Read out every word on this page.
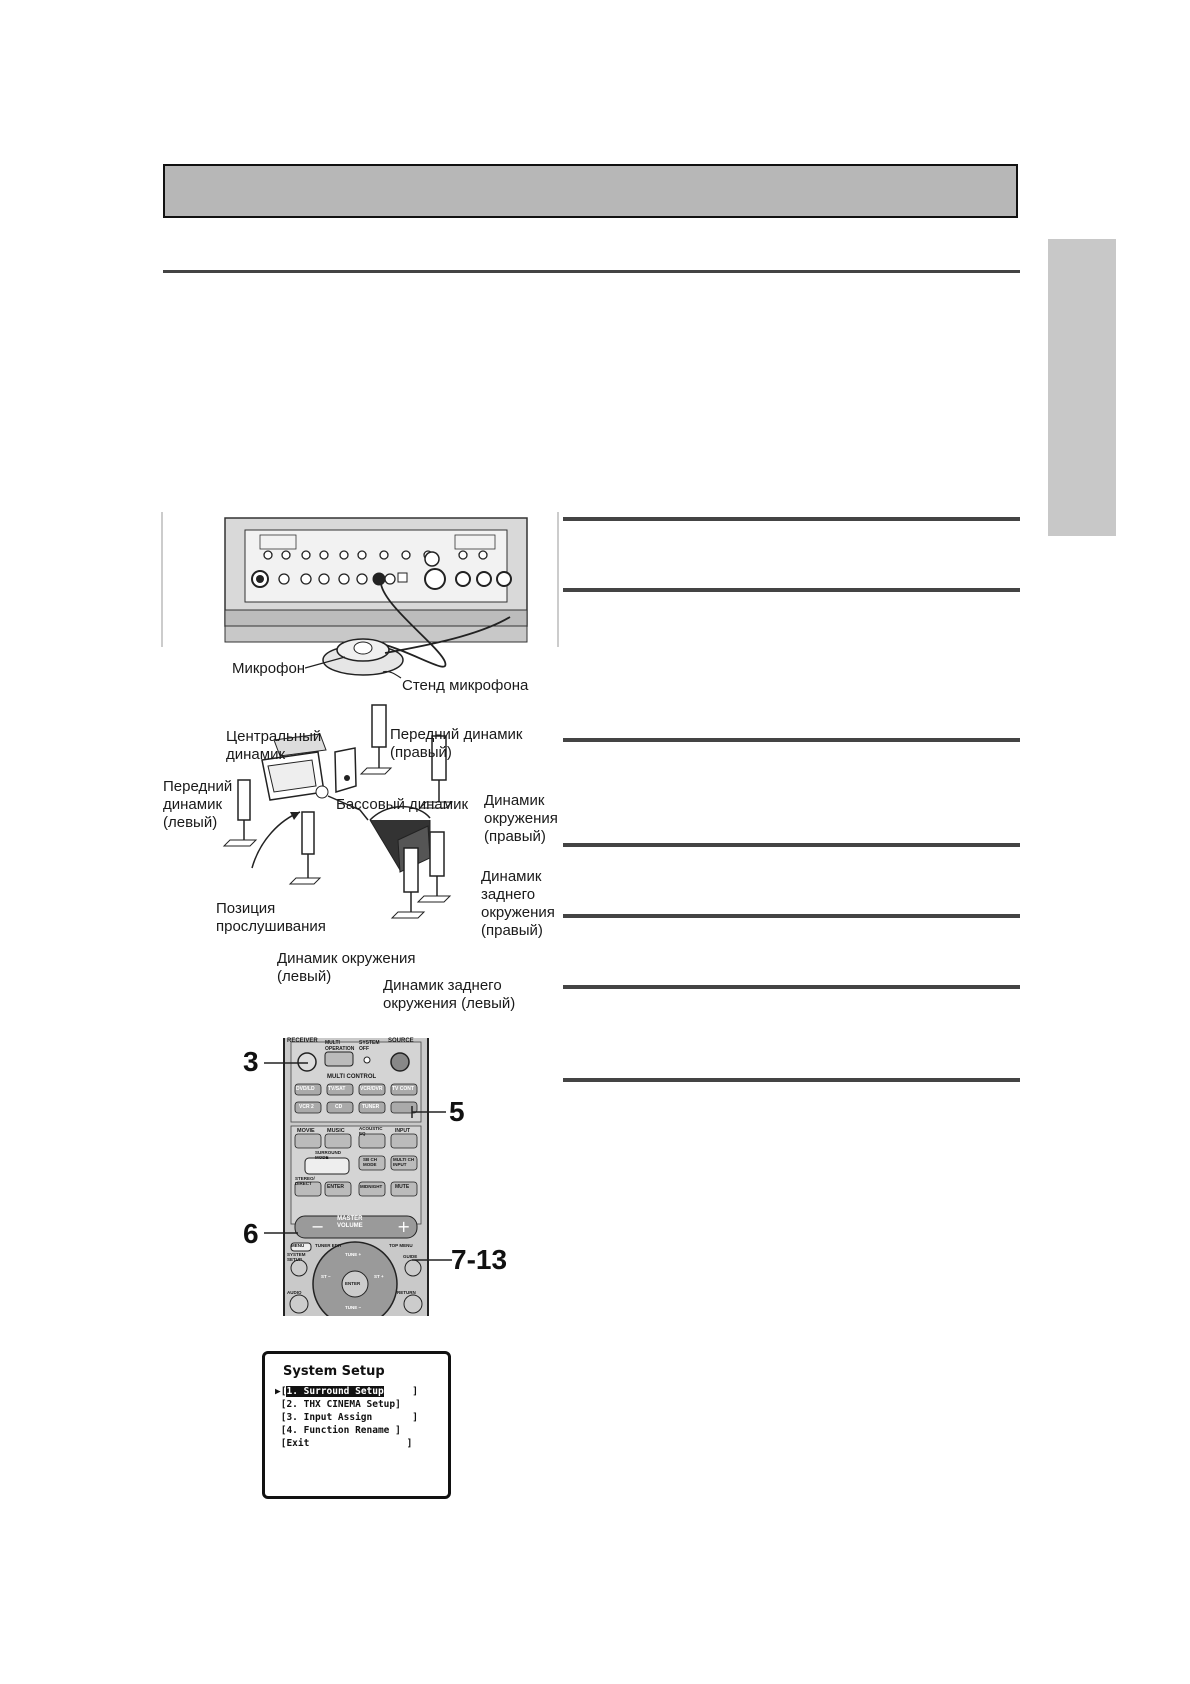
Микрофон
Стенд микрофона
Центральный
динамик
Передний динамик
(правый)
Передний
динамик
(левый)
Бассовый динамик Динамик
окружения
(правый)
Позиция
прослушивания
Динамик
заднего
окружения
(правый)
Динамик окружения
(левый)
Динамик заднего
окружения (левый)
−	+
RECEIVER MULTI
OPERATION
SYSTEM
OFF
SOURCE
MULTI CONTROL
DVD/LD	TV/SAT	VCR/DVR TV CONT
VCR 2	CD	TUNER
MOVIE MUSIC	ACOUSTIC
EQ	INPUT
SURROUND
MODE	SB CH
MODE
MULTI CH
INPUT
STEREO/
DIRECT
ENTER	MIDNIGHT	MUTE
MASTER
VOLUME
MENU TUNER EDIT	TOP MENU
SYSTEM
SETUP
GUIDE
TUNE +
ST −	ST +
ENTER
TUNE −
AUDIO	RETURN
3
5
6
7-13
System Setup
▶[1. Surround Setup     ]
[2. THX CINEMA Setup]
[3. Input Assign       ]
[4. Function Rename ]
[Exit                 ]
